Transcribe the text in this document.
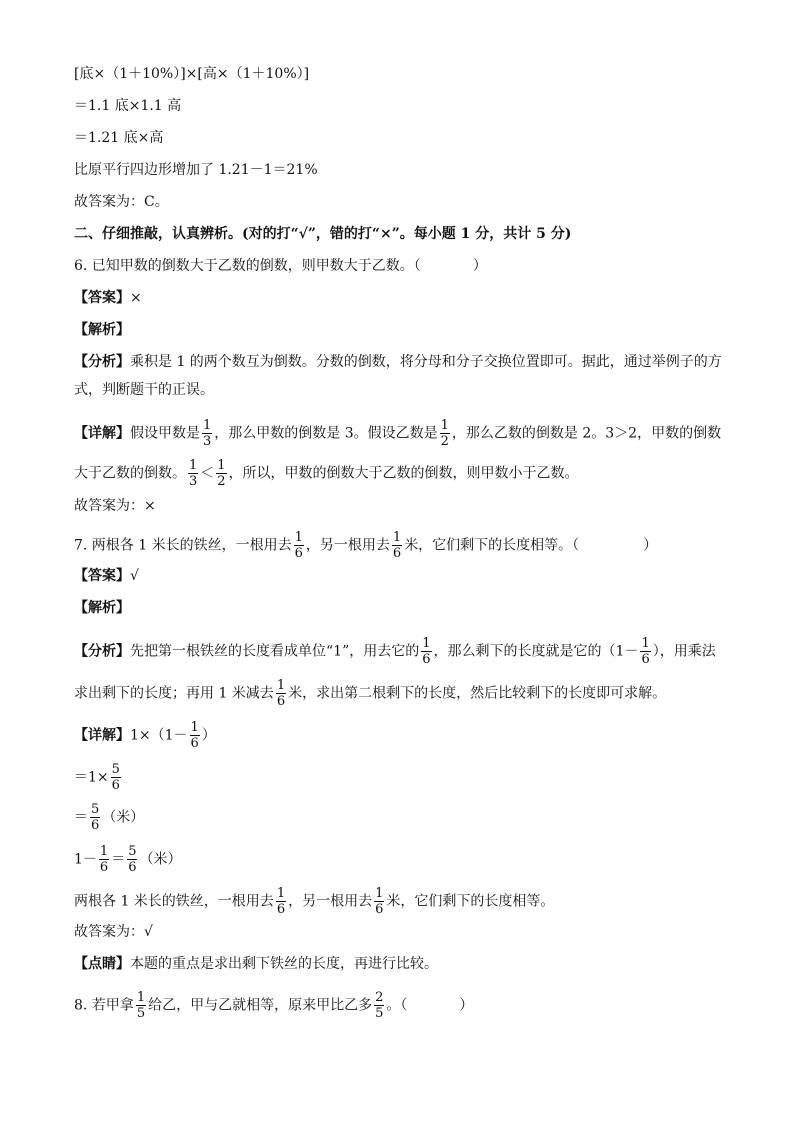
[底×（1＋10%）]×[高×（1＋10%）]
＝1.1 底×1.1 高
＝1.21 底×高
比原平行四边形增加了 1.21－1＝21%
故答案为：C。
二、仔细推敲，认真辨析。(对的打“√”，错的打“×”。每小题 1 分，共计 5 分)
6. 已知甲数的倒数大于乙数的倒数，则甲数大于乙数。（	）
【答案】×
【解析】
【分析】乘积是 1 的两个数互为倒数。分数的倒数，将分母和分子交换位置即可。据此，通过举例子的方
式，判断题干的正误。
【详解】假设甲数是 $\frac{1}{3}$ ，那么甲数的倒数是 3。假设乙数是 $\frac{1}{2}$ ，那么乙数的倒数是 2。3＞2，甲数的倒数
大于乙数的倒数。 $\frac{1}{3} < \frac{1}{2}$ ，所以，甲数的倒数大于乙数的倒数，则甲数小于乙数。
故答案为：×
7. 两根各 1 米长的铁丝，一根用去 $\frac{1}{6}$ ，另一根用去 $\frac{1}{6}$ 米，它们剩下的长度相等。（	）
【答案】√
【解析】
【分析】先把第一根铁丝的长度看成单位“1”，用去它的 $\frac{1}{6}$ ，那么剩下的长度就是它的（$1- \frac{1}{6}$ ），用乘法
求出剩下的长度；再用 1 米减去 $\frac{1}{6}$ 米，求出第二根剩下的长度，然后比较剩下的长度即可求解。
【详解】$1\times(1- \frac{1}{6}$ ）
$=1\times \frac{5}{6}$
＝ $\frac{5}{6}$ （米）
$1- \frac{1}{6} = \frac{5}{6}$ （米）
两根各 1 米长的铁丝，一根用去 $\frac{1}{6}$ ，另一根用去 $\frac{1}{6}$ 米，它们剩下的长度相等。
故答案为：√
【点睛】本题的重点是求出剩下铁丝的长度，再进行比较。
8. 若甲拿 $\frac{1}{5}$ 给乙，甲与乙就相等，原来甲比乙多 $\frac{2}{5}$ 。（	）
